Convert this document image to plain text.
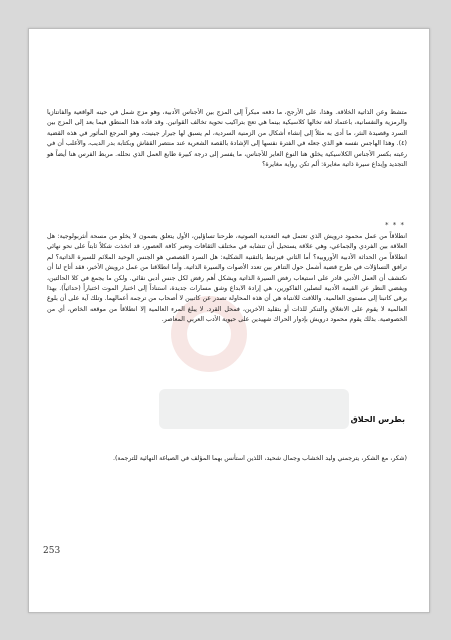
متشظ وعن الذاتية الخلاقة. وهذا، على الأرجح، ما دفعه مبكراً إلى المزج بين الأجناس الأدبية، وهو مزج شمل في حينه الواقعية والفانتازيا والرمزية والنفسانية، باعتماد لغة تخالها كلاسيكية بينما هي تعج بتراكيب نحوية تخالف القوانين. وقد قاده هذا المنطق فيما بعد إلى المزج بين السرد وقصيدة النثر، ما أدى به مثلاً إلى إنشاء أشكال من الزمنية السردية، لم يسبق لها جيرار جينيت، وهو المرجع المأثور في هذه القضية (٤). وهذا الهاجس نفسه هو الذي جعله في الفترة نفسها إلى الإشادة بالقصة الشعرية عند منتصر القفاش وبكتابة بدر الديب، والأغلب أن في رغبته بكسر الأجناس الكلاسيكية يخلق هنا النوع العابر للأجناس، ما يفسر إلى درجة كبيرة طابع العمل الذي نحلله. مربط الفرس هنا أيضاً هو التجديد وإبداع سيرة ذاتية مغايرة: ألم تكن رواية مغايرة؟
* * *
انطلاقاً من عمل محمود درويش الذي تعتمل فيه التعددية الصوتية، طرحنا تساؤلين، الأول يتعلق بضمون لا يخلو من مسحة أنثربولوجية: هل العلاقة بين الفردي والجماعي، وهي علاقة يستحيل أن تتشابه في مختلف الثقافات وتعبر كافة العصور، قد اتخذت شكلاً ثابتاً على نحو نهائي انطلاقاً من الحداثة الأدبية الأوروبية؟ أما الثاني فيرتبط بالتقنية الشكلية: هل السرد القصصي هو الجنس الوحيد الملائم للسيرة الذاتية؟ لم ترافق التساؤلات في طرح قضية أشمل حول التنافر بين تعدد الأصوات والسيرة الذاتية. وأما انطلاقنا من عمل درويش الأخير، فقد أتاح لنا أن نكتشف أن العمل الأدبي قادر على استيعاب رفض السيرة الذاتية ويشكل أهم رفض لكل جنس أدبي نقائي. ولكن ما يجمع في كلا الحالتين، ويفضي النظر عن القيمة الأدبية لنصلين الفاكورين، هي إرادة الابداع وشق مسارات جديدة، استناداً إلى اختبار الموت اختباراً (حداثياً). بهذا يرقى كاتبنا إلى مستوى العالمية. واللافت للانتباه هي أن هذه المحاولة تصدر عن كاتبين لا أصحاب من ترجمة أعمالهما. وتلك آية على أن بلوغ العالمية لا يقوم على الانغلاق والتنكر للذات أو بتقليد الآخرين، فمحل القرد. لا يبلغ المرء العالمية إلا انطلاقاً من موقعه الخاص، أي من الخصوصية. بذلك يقوم محمود درويش بإدوار الحراك شهيدين على حيوية الأدب العربي المعاصر.
بطرس الحلاق
(شكر، مع الشكر، يترجمني وليد الخشاب وجمال شحيد، اللذين استأنس بهما المؤلف في الصياغة النهائية للترجمة).
253
